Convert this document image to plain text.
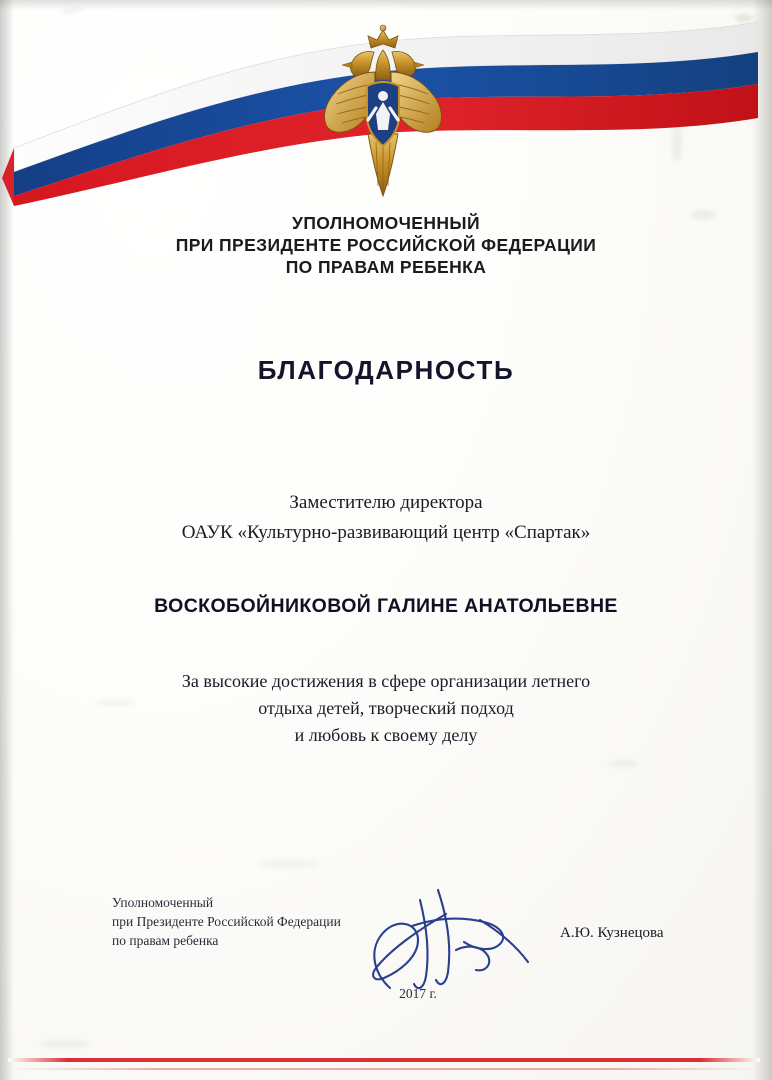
УПОЛНОМОЧЕННЫЙ
ПРИ ПРЕЗИДЕНТЕ РОССИЙСКОЙ ФЕДЕРАЦИИ
ПО ПРАВАМ РЕБЕНКА
БЛАГОДАРНОСТЬ
Заместителю директора
ОАУК «Культурно-развивающий центр «Спартак»
ВОСКОБОЙНИКОВОЙ ГАЛИНЕ АНАТОЛЬЕВНЕ
За высокие достижения в сфере организации летнего
отдыха детей, творческий подход
и любовь к своему делу
Уполномоченный
при Президенте Российской Федерации
по правам ребенка	А.Ю. Кузнецова
2017 г.
